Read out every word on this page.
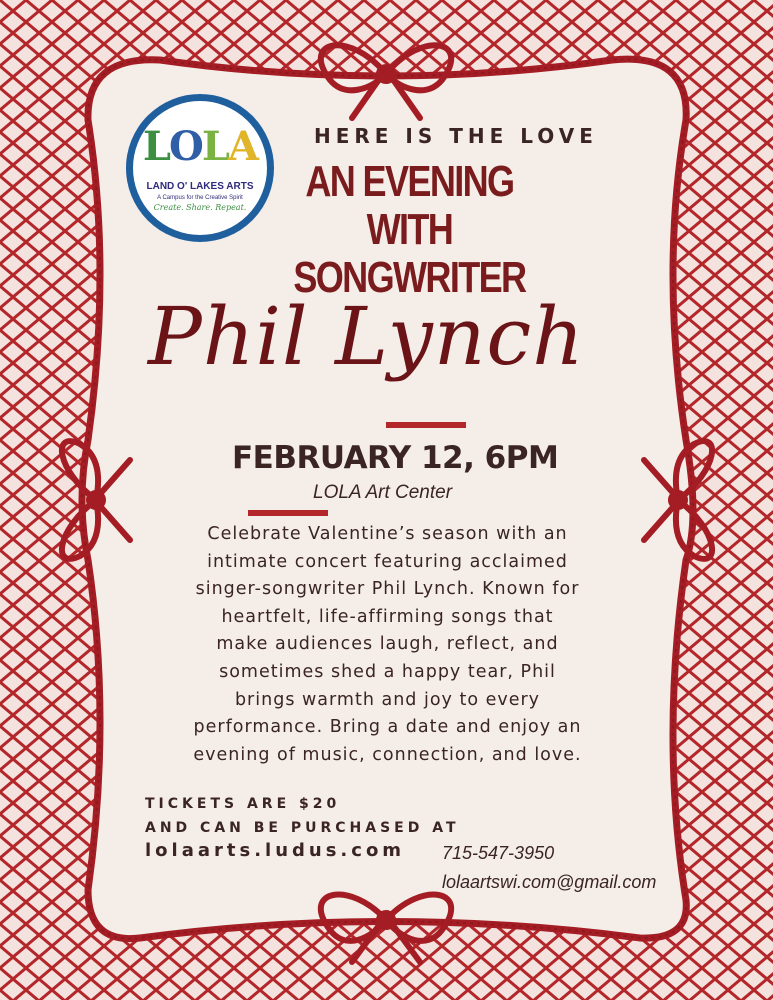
LOLA
LAND O' LAKES ARTS
A Campus for the Creative Spirit
Create. Share. Repeat.

HERE IS THE LOVE

AN EVENING WITH SONGWRITER

Phil Lynch

FEBRUARY 12, 6PM

LOLA Art Center

Celebrate Valentine’s season with an
intimate concert featuring acclaimed
singer-songwriter Phil Lynch. Known for
heartfelt, life-affirming songs that
make audiences laugh, reflect, and
sometimes shed a happy tear, Phil
brings warmth and joy to every
performance. Bring a date and enjoy an
evening of music, connection, and love.

TICKETS ARE $20

AND CAN BE PURCHASED AT

lolaarts.ludus.com 715-547-3950

lolaartswi.com@gmail.com
